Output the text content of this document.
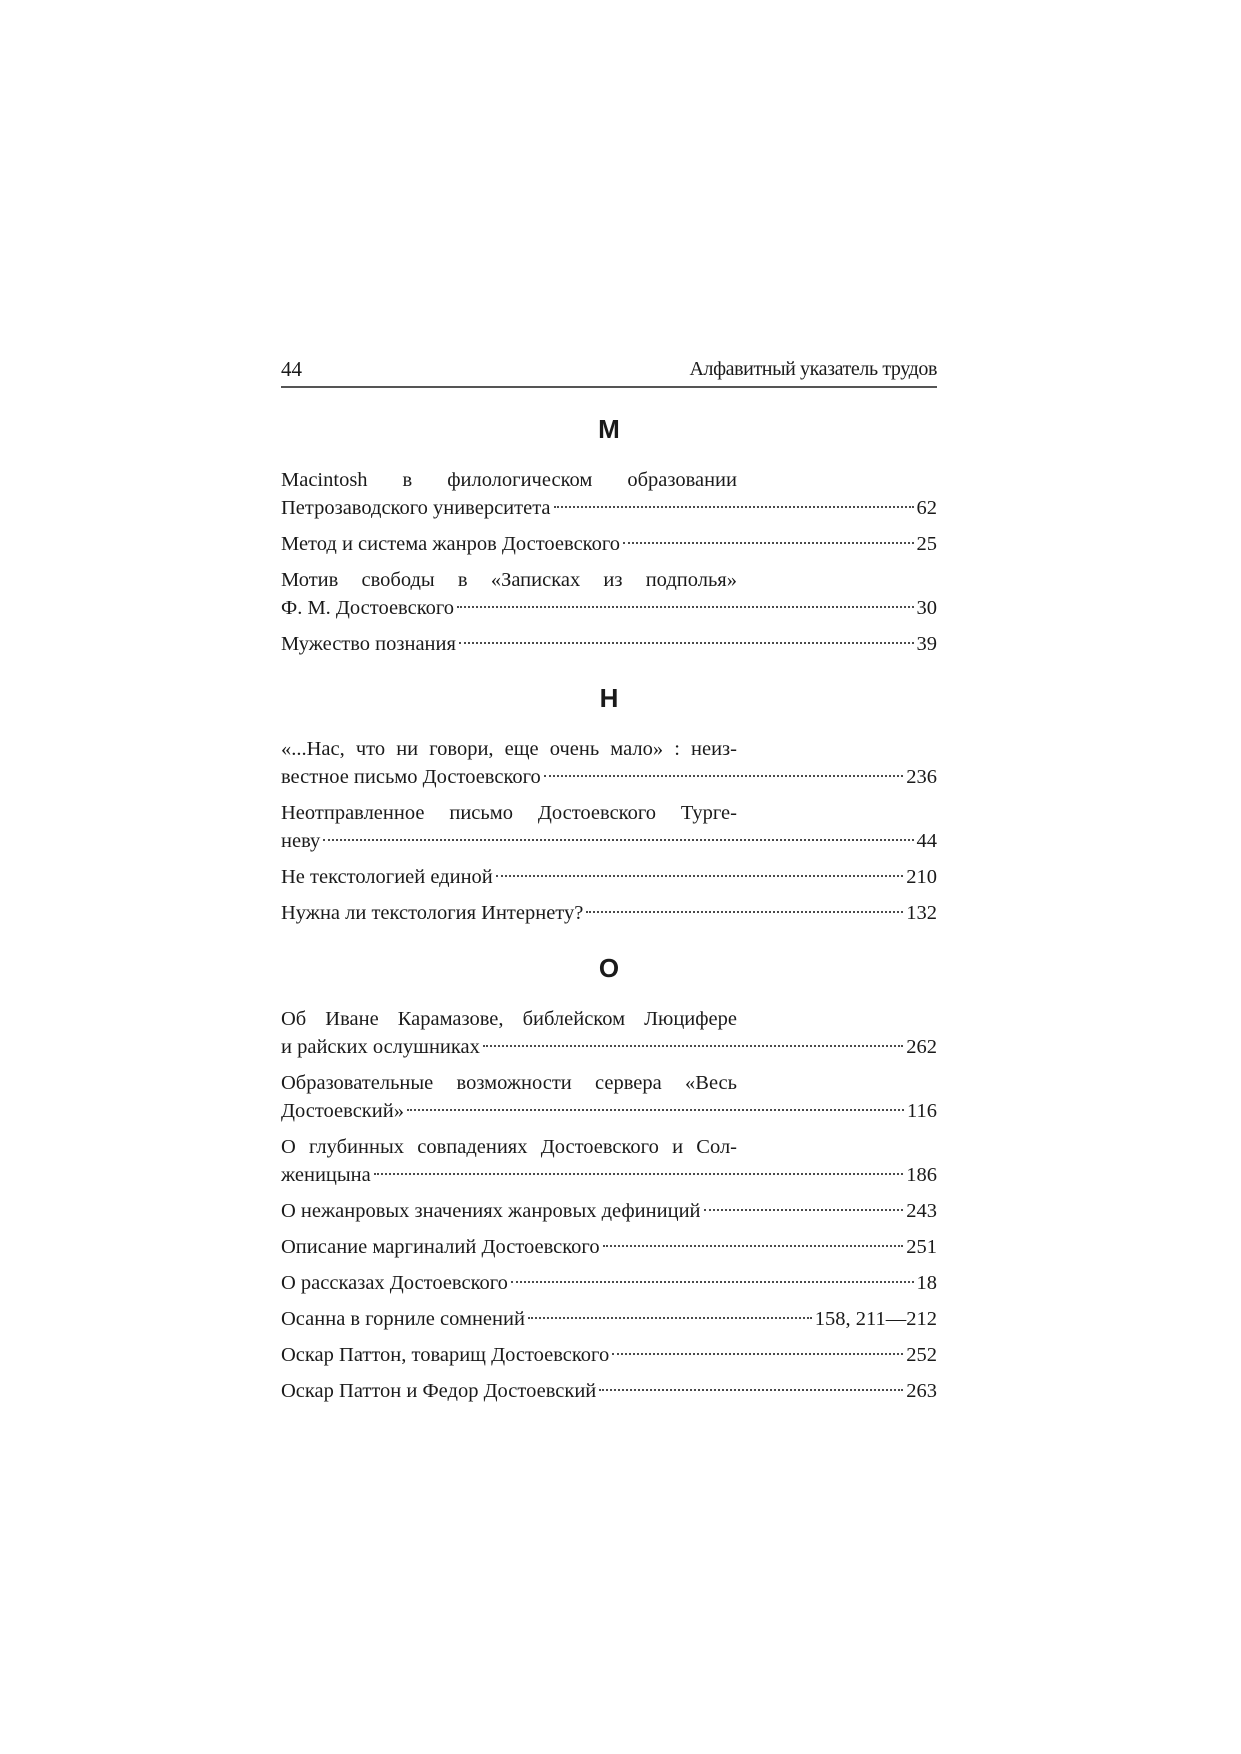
44	Алфавитный указатель трудов
М
Macintosh в филологическом образовании
Петрозаводского университета	62
Метод и система жанров Достоевского	25
Мотив свободы в «Записках из подполья»
Ф. М. Достоевского	30
Мужество познания	39
Н
«...Нас, что ни говори, еще очень мало» : неиз-
вестное письмо Достоевского	236
Неотправленное письмо Достоевского Турге-
неву	44
Не текстологией единой	210
Нужна ли текстология Интернету?	132
О
Об Иване Карамазове, библейском Люцифере
и райских ослушниках	262
Образовательные возможности сервера «Весь
Достоевский»	116
О глубинных совпадениях Достоевского и Сол-
женицына	186
О нежанровых значениях жанровых дефиниций	243
Описание маргиналий Достоевского	251
О рассказах Достоевского	18
Осанна в горниле сомнений	158, 211—212
Оскар Паттон, товарищ Достоевского	252
Оскар Паттон и Федор Достоевский	263
